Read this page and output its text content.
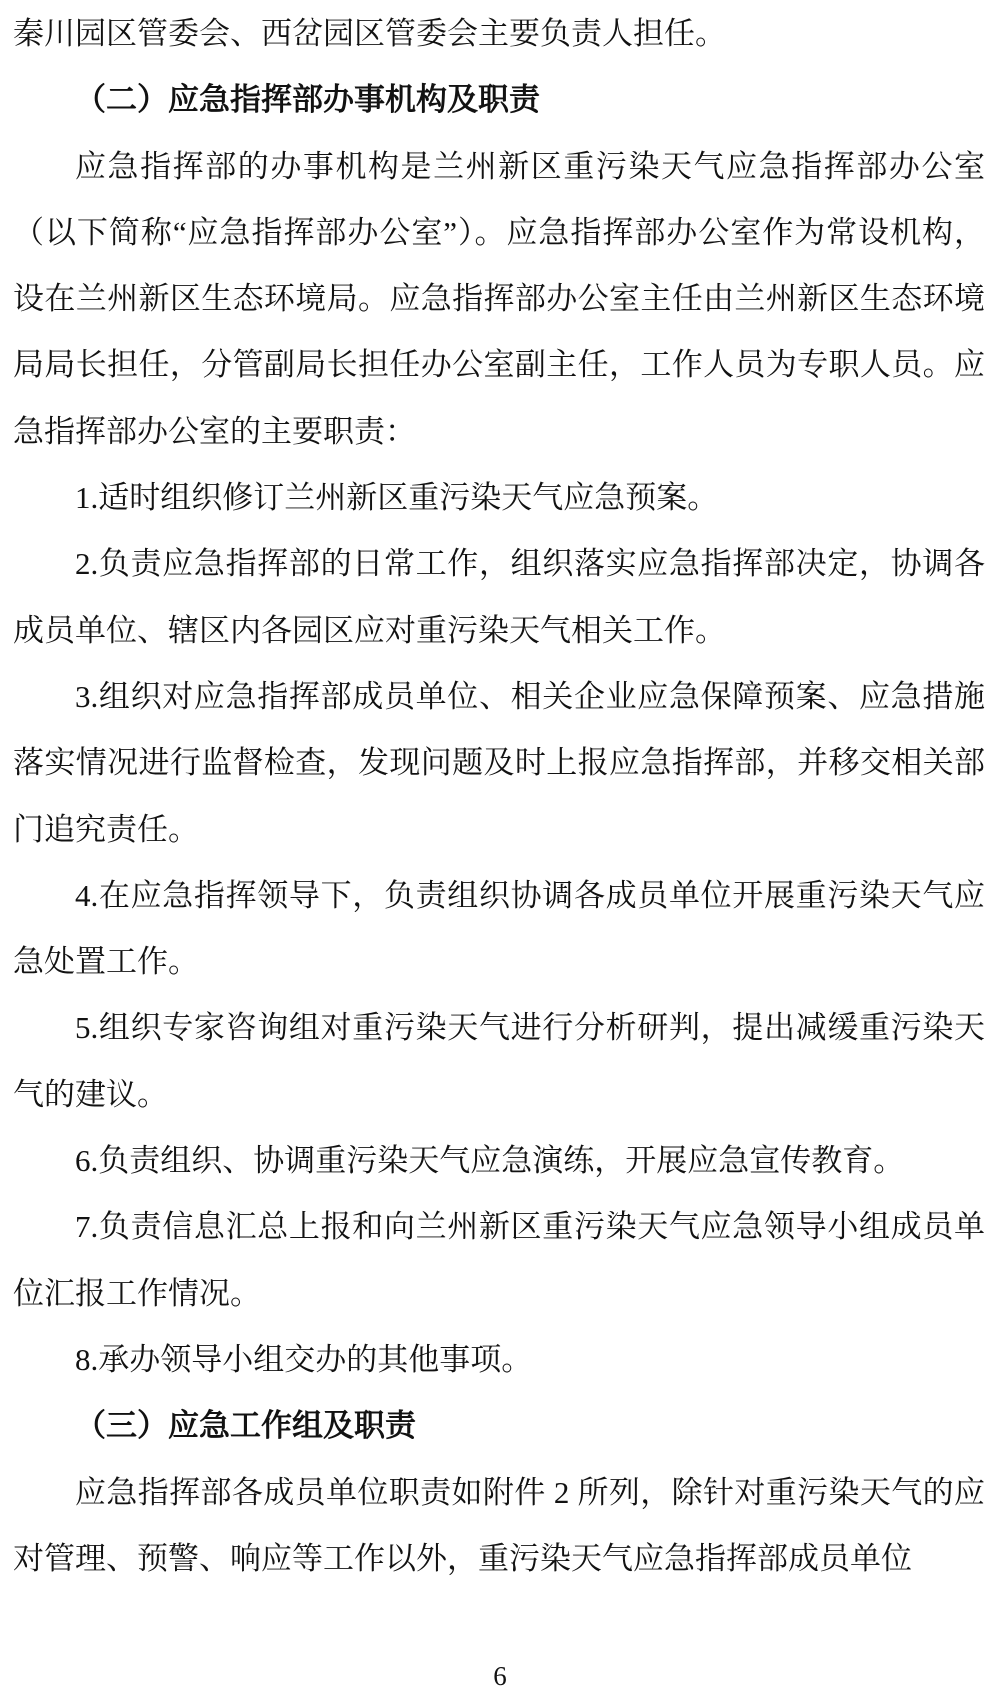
秦川园区管委会、西岔园区管委会主要负责人担任。

（二）应急指挥部办事机构及职责

应急指挥部的办事机构是兰州新区重污染天气应急指挥部办公室（以下简称“应急指挥部办公室”）。应急指挥部办公室作为常设机构，设在兰州新区生态环境局。应急指挥部办公室主任由兰州新区生态环境局局长担任，分管副局长担任办公室副主任，工作人员为专职人员。应急指挥部办公室的主要职责：

1.适时组织修订兰州新区重污染天气应急预案。

2.负责应急指挥部的日常工作，组织落实应急指挥部决定，协调各成员单位、辖区内各园区应对重污染天气相关工作。

3.组织对应急指挥部成员单位、相关企业应急保障预案、应急措施落实情况进行监督检查，发现问题及时上报应急指挥部，并移交相关部门追究责任。

4.在应急指挥领导下，负责组织协调各成员单位开展重污染天气应急处置工作。

5.组织专家咨询组对重污染天气进行分析研判，提出减缓重污染天气的建议。

6.负责组织、协调重污染天气应急演练，开展应急宣传教育。

7.负责信息汇总上报和向兰州新区重污染天气应急领导小组成员单位汇报工作情况。

8.承办领导小组交办的其他事项。

（三）应急工作组及职责

应急指挥部各成员单位职责如附件 2 所列，除针对重污染天气的应对管理、预警、响应等工作以外，重污染天气应急指挥部成员单位

6
